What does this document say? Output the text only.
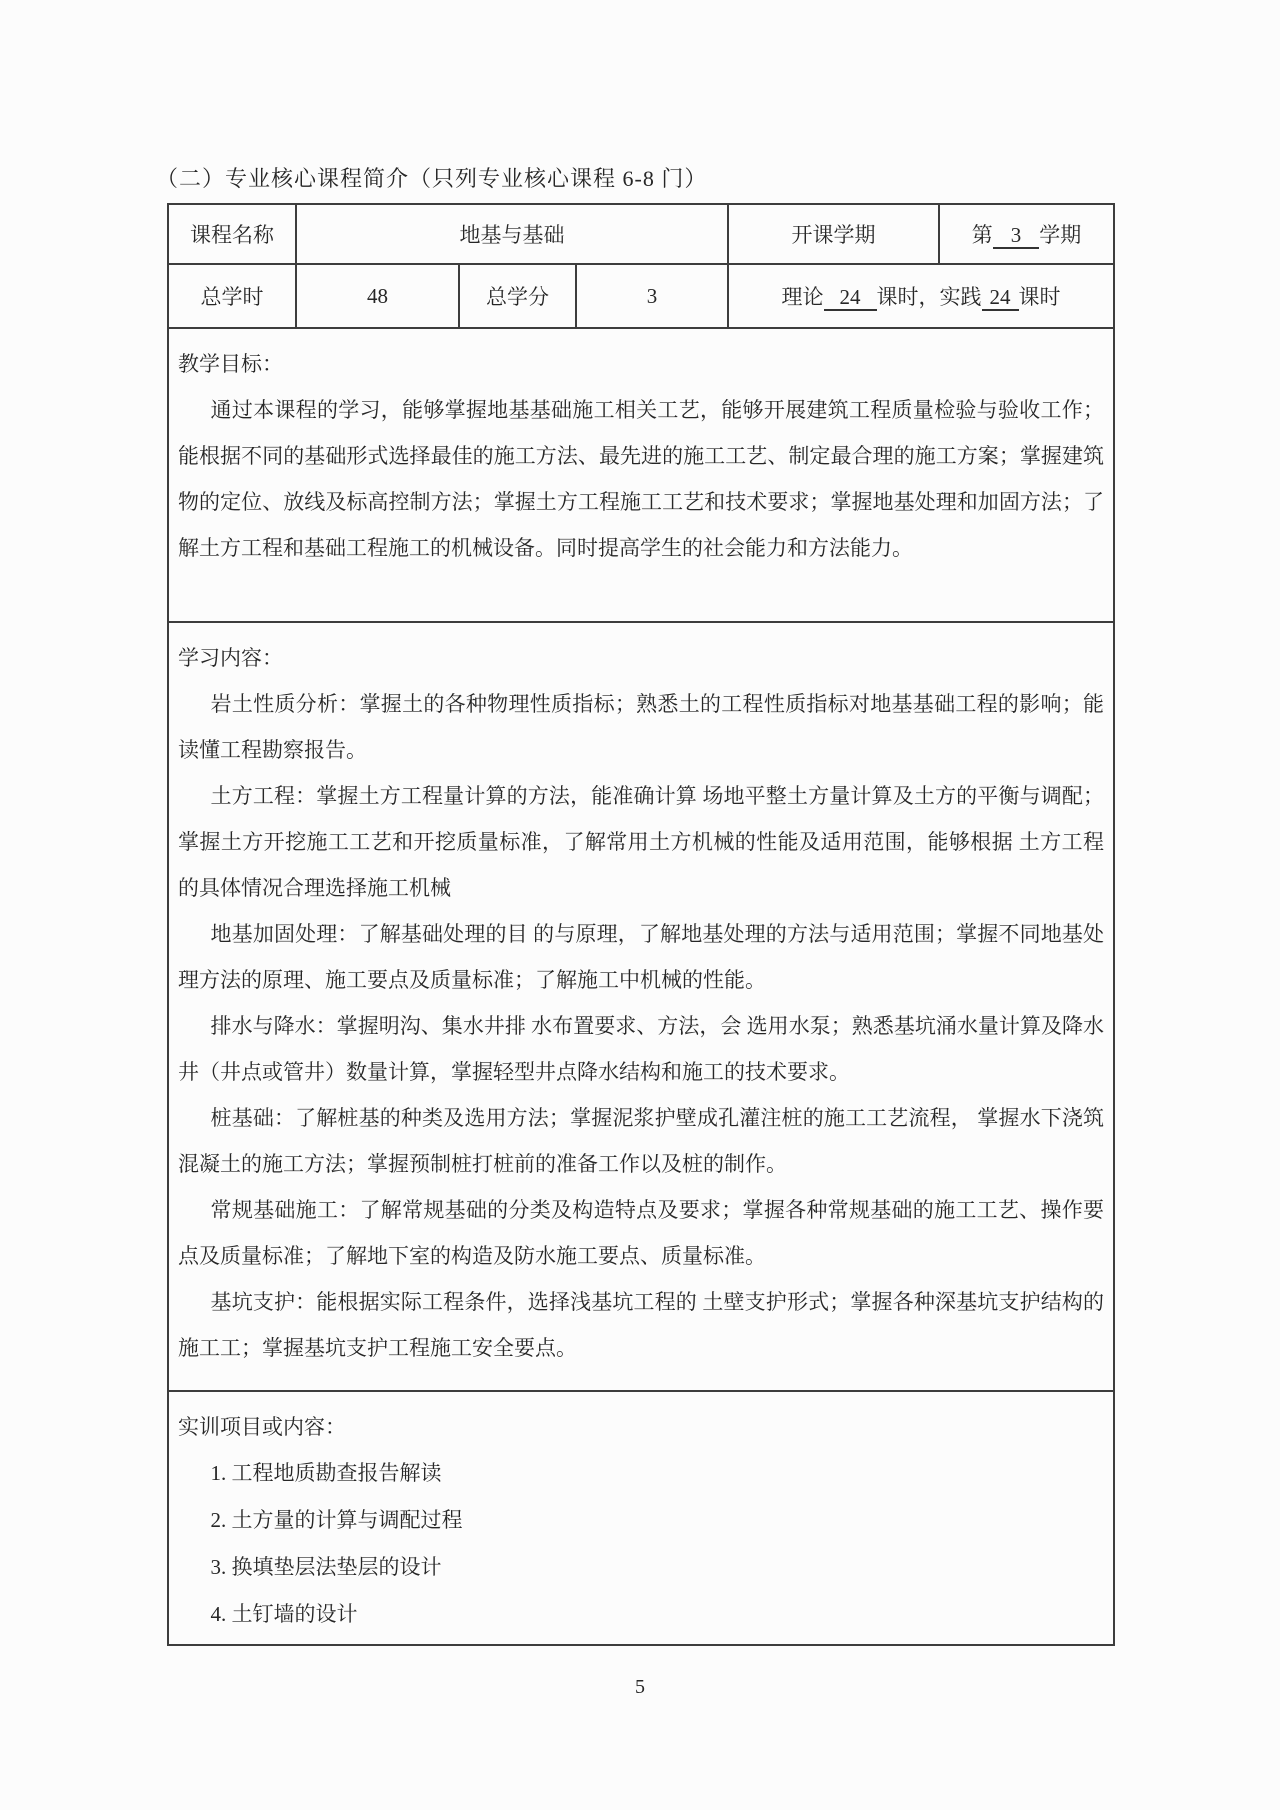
（二）专业核心课程简介（只列专业核心课程 6-8 门）
课程名称	地基与基础			开课学期	第 3 学期
总学时	48	总学分	3	理论 24 课时，实践 24 课时	

教学目标：

通过本课程的学习，能够掌握地基基础施工相关工艺，能够开展建筑工程质量检验与验收工作；能根据不同的基础形式选择最佳的施工方法、最先进的施工工艺、制定最合理的施工方案；掌握建筑物的定位、放线及标高控制方法；掌握土方工程施工工艺和技术要求；掌握地基处理和加固方法；了解土方工程和基础工程施工的机械设备。同时提高学生的社会能力和方法能力。					

学习内容：

岩土性质分析：掌握土的各种物理性质指标；熟悉土的工程性质指标对地基基础工程的影响；能读懂工程勘察报告。

土方工程：掌握土方工程量计算的方法，能准确计算 场地平整土方量计算及土方的平衡与调配；掌握土方开挖施工工艺和开挖质量标准，了解常用土方机械的性能及适用范围，能够根据 土方工程的具体情况合理选择施工机械

地基加固处理：了解基础处理的目 的与原理，了解地基处理的方法与适用范围；掌握不同地基处理方法的原理、施工要点及质量标准；了解施工中机械的性能。

排水与降水：掌握明沟、集水井排 水布置要求、方法，会 选用水泵；熟悉基坑涌水量计算及降水井（井点或管井）数量计算，掌握轻型井点降水结构和施工的技术要求。

桩基础：了解桩基的种类及选用方法；掌握泥浆护壁成孔灌注桩的施工工艺流程， 掌握水下浇筑混凝土的施工方法；掌握预制桩打桩前的准备工作以及桩的制作。

常规基础施工：了解常规基础的分类及构造特点及要求；掌握各种常规基础的施工工艺、操作要点及质量标准；了解地下室的构造及防水施工要点、质量标准。

基坑支护：能根据实际工程条件，选择浅基坑工程的 土壁支护形式；掌握各种深基坑支护结构的施工工；掌握基坑支护工程施工安全要点。

实训项目或内容：

1. 工程地质勘查报告解读

2. 土方量的计算与调配过程

3. 换填垫层法垫层的设计

4. 土钉墙的设计					

5
